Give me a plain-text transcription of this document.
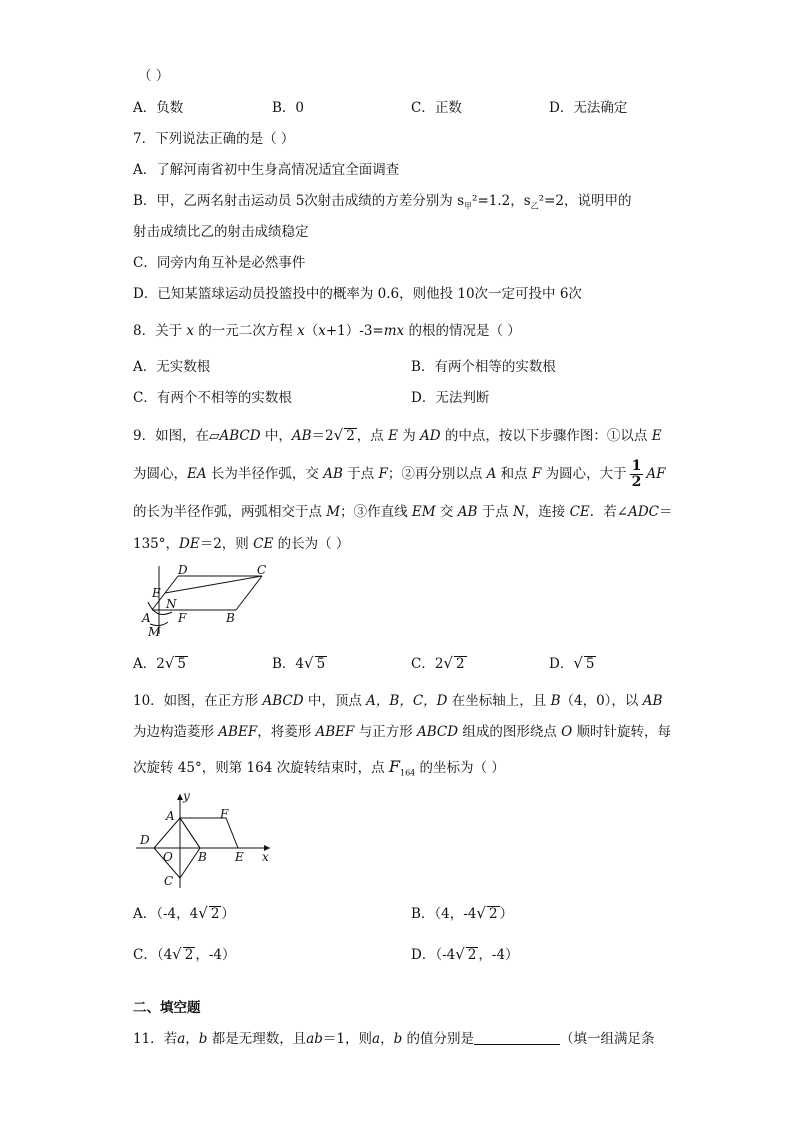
（ ）
A．负数	B．0	C．正数	D．无法确定
7．下列说法正确的是（ ）
A．了解河南省初中生身高情况适宜全面调查
B．甲，乙两名射击运动员 5次射击成绩的方差分别为 $s_甲^2=1.2$，$s_乙^2=2$，说明甲的
射击成绩比乙的射击成绩稳定
C．同旁内角互补是必然事件
D．已知某篮球运动员投篮投中的概率为 0.6，则他投 10次一定可投中 6次
8．关于 x 的一元二次方程 x（x+1）-3=mx 的根的情况是（ ）
A．无实数根	B．有两个相等的实数根
C．有两个不相等的实数根	D．无法判断
9．如图，在▱ABCD 中，AB＝2√ 2 ，点 E 为 AD 的中点，按以下步骤作图：①以点 E
为圆心，EA 长为半径作弧，交 AB 于点 F；②再分别以点 A 和点 F 为圆心，大于 $\frac{1}{2}$ AF
的长为半径作弧，两弧相交于点 M；③作直线 EM 交 AB 于点 N，连接 CE．若∠ADC＝
135°，DE＝2，则 CE 的长为（ ）
D	C
E
N
A F	B
M
A．2√ 5	B．4√ 5	C．2√ 2	D．√ 5
10．如图，在正方形 ABCD 中，顶点 A，B，C，D 在坐标轴上，且 B（4，0），以 AB
为边构造菱形 ABEF，将菱形 ABEF 与正方形 ABCD 组成的图形绕点 O 顺时针旋转，每
次旋转 45°，则第 164 次旋转结束时，点 $F_{164}$ 的坐标为（ ）
y
A	F
D
O B E x
C
A．（-4，4√ 2 ）	B．（4，-4√ 2 ）
C．（4√ 2 ，-4）	D．（-4√ 2 ，-4）
二、填空题
11．若a，b 都是无理数，且ab＝1，则a，b 的值分别是	（填一组满足条
